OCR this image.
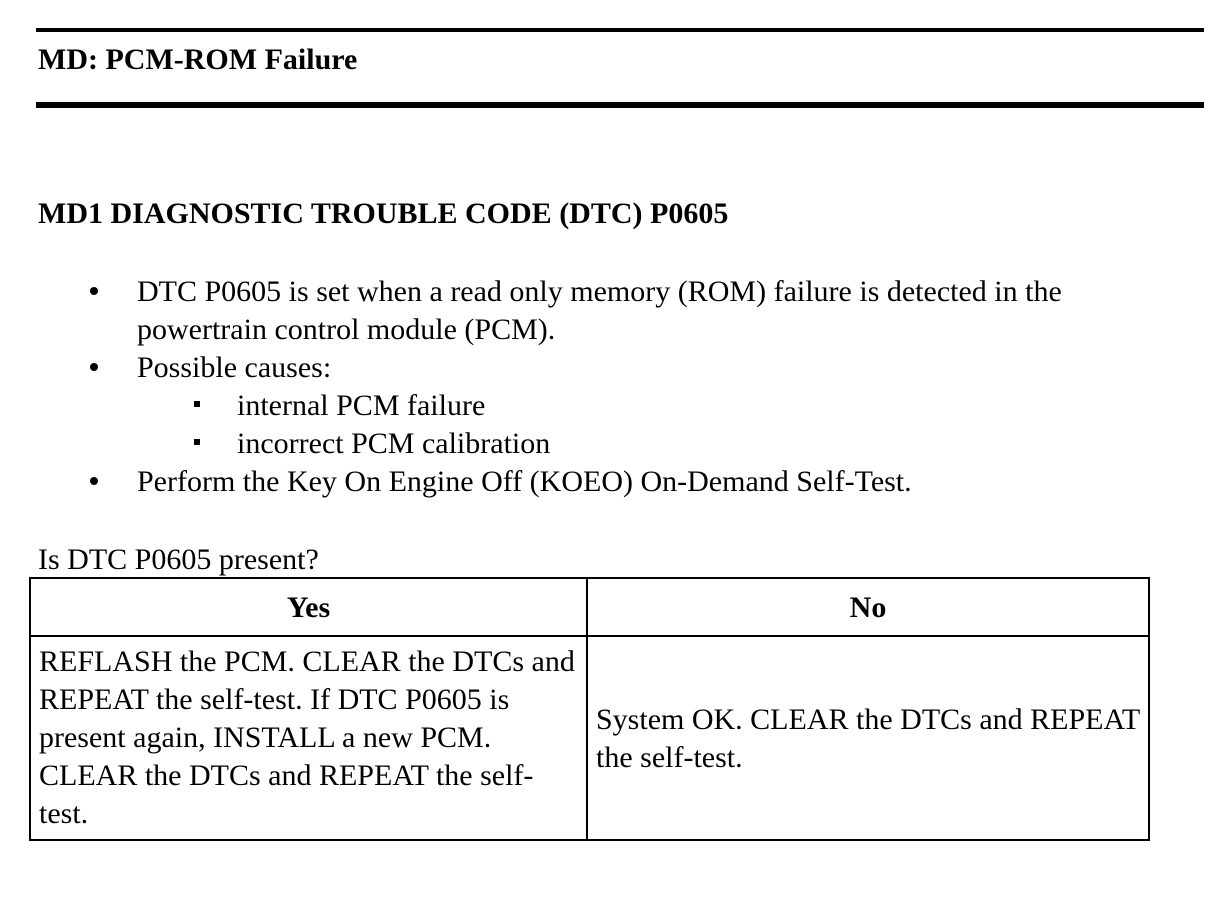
MD: PCM-ROM Failure
MD1 DIAGNOSTIC TROUBLE CODE (DTC) P0605
DTC P0605 is set when a read only memory (ROM) failure is detected in the powertrain control module (PCM).
Possible causes:
internal PCM failure
incorrect PCM calibration
Perform the Key On Engine Off (KOEO) On-Demand Self-Test.

Is DTC P0605 present?

Yes	No
REFLASH the PCM. CLEAR the DTCs and REPEAT the self-test. If DTC P0605 is present again, INSTALL a new PCM. CLEAR the DTCs and REPEAT the self-test.	System OK. CLEAR the DTCs and REPEAT the self-test.
